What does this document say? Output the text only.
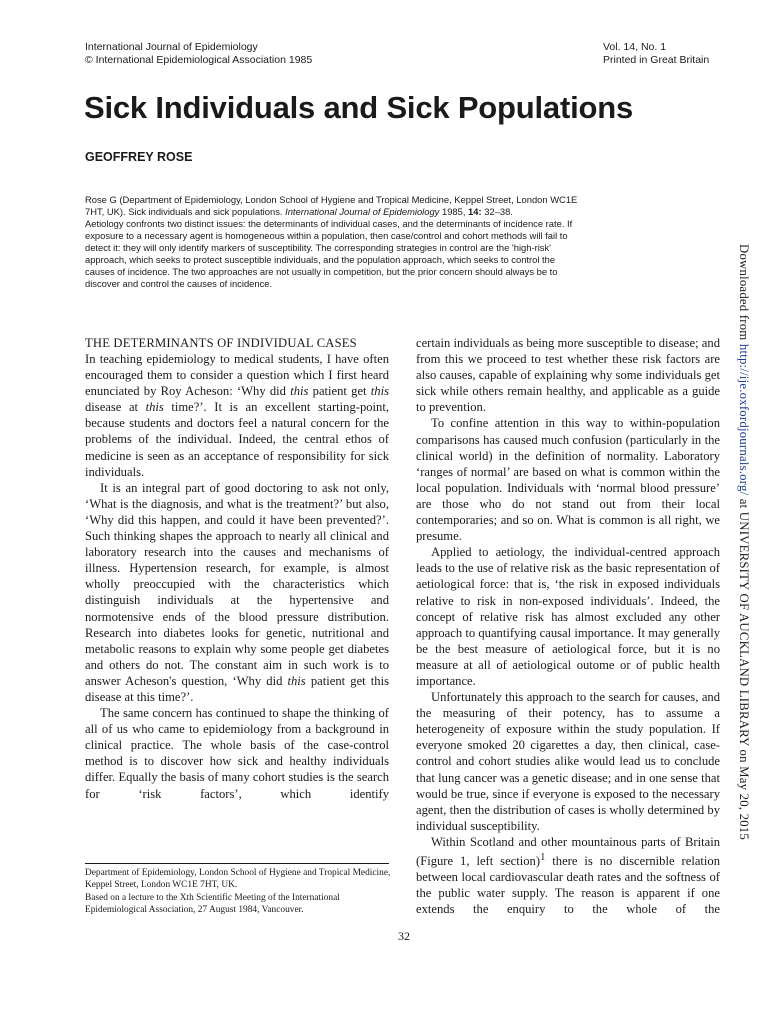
International Journal of Epidemiology
© International Epidemiological Association 1985
Vol. 14, No. 1
Printed in Great Britain
Sick Individuals and Sick Populations
GEOFFREY ROSE
Rose G (Department of Epidemiology, London School of Hygiene and Tropical Medicine, Keppel Street, London WC1E
7HT, UK). Sick individuals and sick populations. International Journal of Epidemiology 1985, 14: 32–38.
Aetiology confronts two distinct issues: the determinants of individual cases, and the determinants of incidence rate. If
exposure to a necessary agent is homogeneous within a population, then case/control and cohort methods will fail to
detect it: they will only identify markers of susceptibility. The corresponding strategies in control are the 'high-risk'
approach, which seeks to protect susceptible individuals, and the population approach, which seeks to control the
causes of incidence. The two approaches are not usually in competition, but the prior concern should always be to
discover and control the causes of incidence.
THE DETERMINANTS OF INDIVIDUAL CASES

In teaching epidemiology to medical students, I have often encouraged them to consider a question which I first heard enunciated by Roy Acheson: ‘Why did this patient get this disease at this time?’. It is an excellent starting-point, because students and doctors feel a natural concern for the problems of the individual. Indeed, the central ethos of medicine is seen as an acceptance of responsibility for sick individuals.

It is an integral part of good doctoring to ask not only, ‘What is the diagnosis, and what is the treatment?’ but also, ‘Why did this happen, and could it have been prevented?’. Such thinking shapes the approach to nearly all clinical and laboratory research into the causes and mechanisms of illness. Hypertension research, for example, is almost wholly preoccupied with the characteristics which distinguish individuals at the hypertensive and normotensive ends of the blood pressure distribution. Research into diabetes looks for genetic, nutritional and metabolic reasons to explain why some people get diabetes and others do not. The constant aim in such work is to answer Acheson's question, ‘Why did this patient get this disease at this time?’.

The same concern has continued to shape the thinking of all of us who came to epidemiology from a background in clinical practice. The whole basis of the case-control method is to discover how sick and healthy individuals differ. Equally the basis of many cohort studies is the search for ‘risk factors’, which identify

certain individuals as being more susceptible to disease; and from this we proceed to test whether these risk factors are also causes, capable of explaining why some individuals get sick while others remain healthy, and applicable as a guide to prevention.

To confine attention in this way to within-population comparisons has caused much confusion (particularly in the clinical world) in the definition of normality. Laboratory ‘ranges of normal’ are based on what is common within the local population. Individuals with ‘normal blood pressure’ are those who do not stand out from their local contemporaries; and so on. What is common is all right, we presume.

Applied to aetiology, the individual-centred approach leads to the use of relative risk as the basic representation of aetiological force: that is, ‘the risk in exposed individuals relative to risk in non-exposed individuals’. Indeed, the concept of relative risk has almost excluded any other approach to quantifying causal importance. It may generally be the best measure of aetiological force, but it is no measure at all of aetiological outome or of public health importance.

Unfortunately this approach to the search for causes, and the measuring of their potency, has to assume a heterogeneity of exposure within the study population. If everyone smoked 20 cigarettes a day, then clinical, case-control and cohort studies alike would lead us to conclude that lung cancer was a genetic disease; and in one sense that would be true, since if everyone is exposed to the necessary agent, then the distribution of cases is wholly determined by individual susceptibility.

Within Scotland and other mountainous parts of Britain (Figure 1, left section)$^1$ there is no discernible relation between local cardiovascular death rates and the softness of the public water supply. The reason is apparent if one extends the enquiry to the whole of the

Department of Epidemiology, London School of Hygiene and Tropical Medicine, Keppel Street, London WC1E 7HT, UK.
Based on a lecture to the Xth Scientific Meeting of the International Epidemiological Association, 27 August 1984, Vancouver.
32
Downloaded from http://ije.oxfordjournals.org/ at UNIVERSITY OF AUCKLAND LIBRARY on May 20, 2015
